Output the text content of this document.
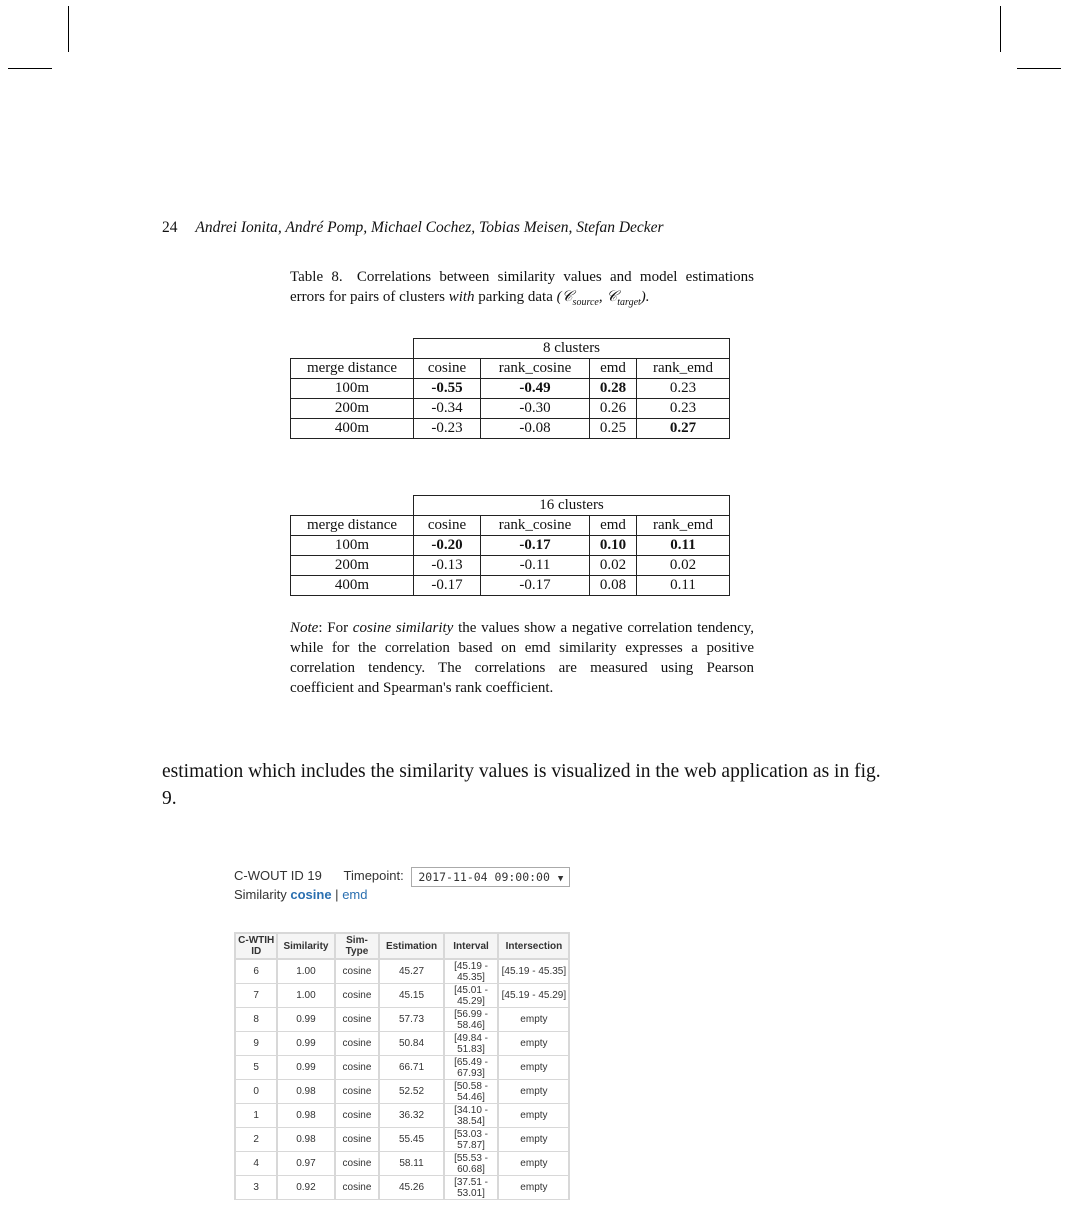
24 Andrei Ionita, André Pomp, Michael Cochez, Tobias Meisen, Stefan Decker
Table 8. Correlations between similarity values and model estimations errors for pairs of clusters with parking data (𝒞$_{source}$, 𝒞$_{target}$).
	8 clusters			
merge distance	cosine	rank_cosine	emd	rank_emd
100m	-0.55	-0.49	0.28	0.23
200m	-0.34	-0.30	0.26	0.23
400m	-0.23	-0.08	0.25	0.27
	16 clusters			
merge distance	cosine	rank_cosine	emd	rank_emd
100m	-0.20	-0.17	0.10	0.11
200m	-0.13	-0.11	0.02	0.02
400m	-0.17	-0.17	0.08	0.11
Note: For cosine similarity the values show a negative correlation tendency, while for the correlation based on emd similarity expresses a positive correlation tendency. The correlations are measured using Pearson coefficient and Spearman's rank coefficient.
estimation which includes the similarity values is visualized in the web application as in fig. 9.
C-WOUT ID 19 Timepoint: 2017-11-04 09:00:00 ▼
Similarity cosine | emd
C-WTIH ID	Similarity	Sim-Type	Estimation	Interval	Intersection
6	1.00	cosine	45.27	[45.19 - 45.35]	[45.19 - 45.35]
7	1.00	cosine	45.15	[45.01 - 45.29]	[45.19 - 45.29]
8	0.99	cosine	57.73	[56.99 - 58.46]	empty
9	0.99	cosine	50.84	[49.84 - 51.83]	empty
5	0.99	cosine	66.71	[65.49 - 67.93]	empty
0	0.98	cosine	52.52	[50.58 - 54.46]	empty
1	0.98	cosine	36.32	[34.10 - 38.54]	empty
2	0.98	cosine	55.45	[53.03 - 57.87]	empty
4	0.97	cosine	58.11	[55.53 - 60.68]	empty
3	0.92	cosine	45.26	[37.51 - 53.01]	empty
